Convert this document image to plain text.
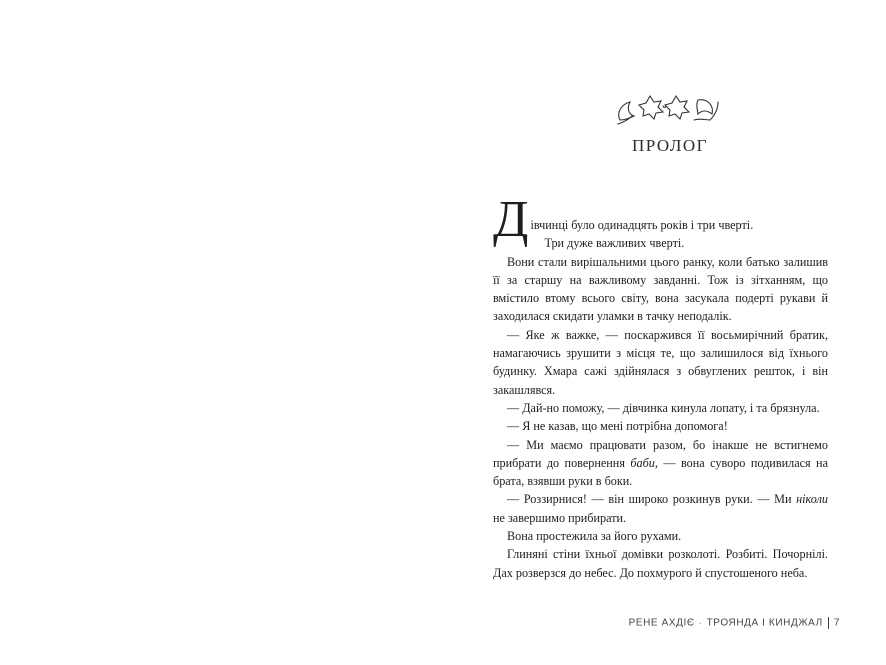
ПРОЛОГ

Д івчинці було одинадцять років і три чверті.

Три дуже важливих чверті.

Вони стали вирішальними цього ранку, коли батько залишив її за старшу на важливому завданні. Тож із зітханням, що вмістило втому всього світу, вона засукала подерті рукави й заходилася скидати уламки в тачку неподалік.

— Яке ж важке, — поскаржився її восьмирічний братик, намагаючись зрушити з місця те, що залишилося від їхнього будинку. Хмара сажі здійнялася з обвуглених решток, і він закашлявся.

— Дай-но поможу, — дівчинка кинула лопату, і та брязнула.

— Я не казав, що мені потрібна допомога!

— Ми маємо працювати разом, бо інакше не встигнемо прибрати до повернення баби, — вона суворо подивилася на брата, взявши руки в боки.

— Роззирнися! — він широко розкинув руки. — Ми ніколи не завершимо прибирати.

Вона простежила за його рухами.

Глиняні стіни їхньої домівки розколоті. Розбиті. Почорнілі. Дах розверзся до небес. До похмурого й спустошеного неба.

РЕНЕ АХДІЄ · ТРОЯНДА І КИНДЖАЛ 7
